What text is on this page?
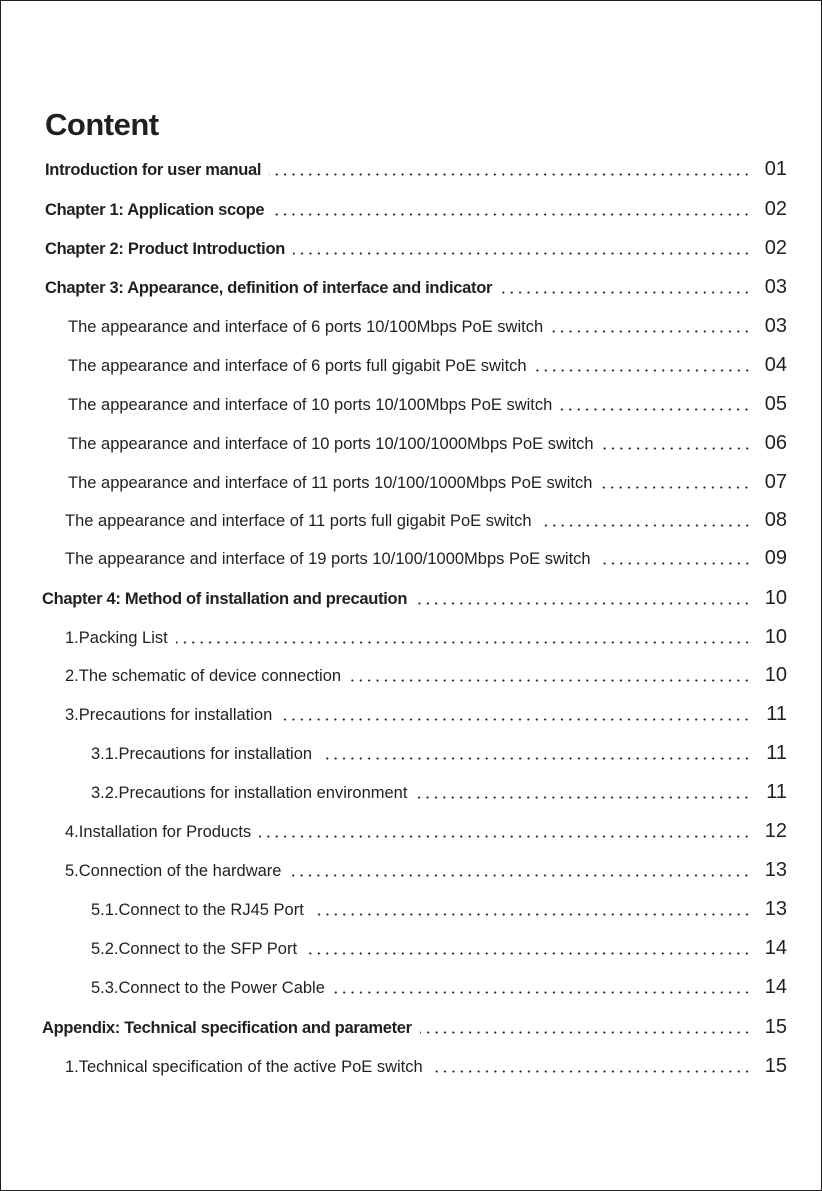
Content
Introduction for user manual	01
Chapter 1: Application scope	02
Chapter 2: Product Introduction	02
Chapter 3: Appearance, definition of interface and indicator	03
The appearance and interface of 6 ports 10/100Mbps PoE switch	03
The appearance and interface of 6 ports full gigabit PoE switch	04
The appearance and interface of 10 ports 10/100Mbps PoE switch	05
The appearance and interface of 10 ports 10/100/1000Mbps PoE switch	06
The appearance and interface of 11 ports 10/100/1000Mbps PoE switch	07
The appearance and interface of 11 ports full gigabit PoE switch	08
The appearance and interface of 19 ports 10/100/1000Mbps PoE switch	09
Chapter 4: Method of installation and precaution	10
1.Packing List	10
2.The schematic of device connection	10
3.Precautions for installation	11
3.1.Precautions for installation	11
3.2.Precautions for installation environment	11
4.Installation for Products	12
5.Connection of the hardware	13
5.1.Connect to the RJ45 Port	13
5.2.Connect to the SFP Port	14
5.3.Connect to the Power Cable	14
Appendix: Technical specification and parameter	15
1.Technical specification of the active PoE switch	15
